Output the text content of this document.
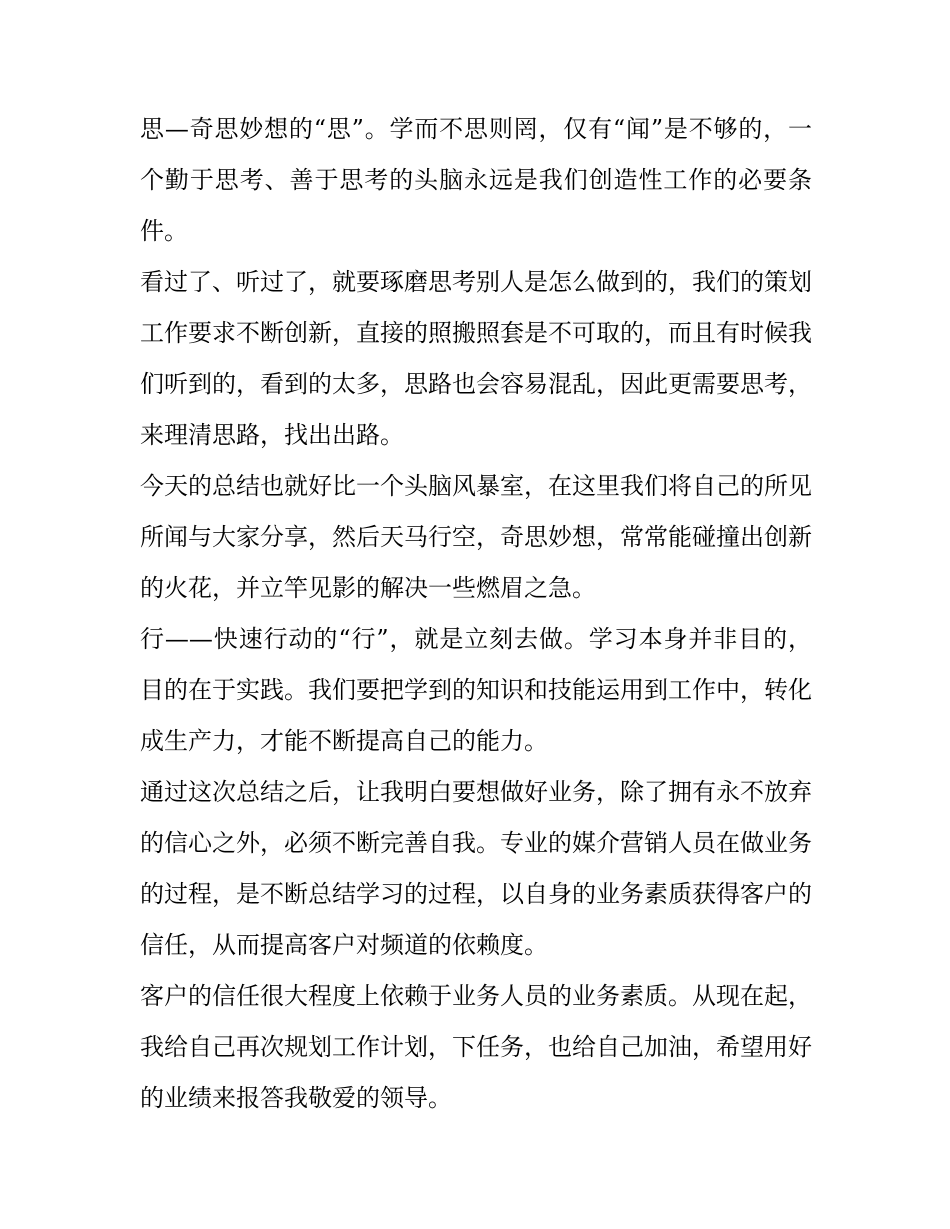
思—奇思妙想的“思”。学而不思则罔，仅有“闻”是不够的，一个勤于思考、善于思考的头脑永远是我们创造性工作的必要条件。

看过了、听过了，就要琢磨思考别人是怎么做到的，我们的策划工作要求不断创新，直接的照搬照套是不可取的，而且有时候我们听到的，看到的太多，思路也会容易混乱，因此更需要思考，来理清思路，找出出路。

今天的总结也就好比一个头脑风暴室，在这里我们将自己的所见所闻与大家分享，然后天马行空，奇思妙想，常常能碰撞出创新的火花，并立竿见影的解决一些燃眉之急。

行——快速行动的“行”，就是立刻去做。学习本身并非目的，目的在于实践。我们要把学到的知识和技能运用到工作中，转化成生产力，才能不断提高自己的能力。

通过这次总结之后，让我明白要想做好业务，除了拥有永不放弃的信心之外，必须不断完善自我。专业的媒介营销人员在做业务的过程，是不断总结学习的过程，以自身的业务素质获得客户的信任，从而提高客户对频道的依赖度。

客户的信任很大程度上依赖于业务人员的业务素质。从现在起，我给自己再次规划工作计划，下任务，也给自己加油，希望用好的业绩来报答我敬爱的领导。
